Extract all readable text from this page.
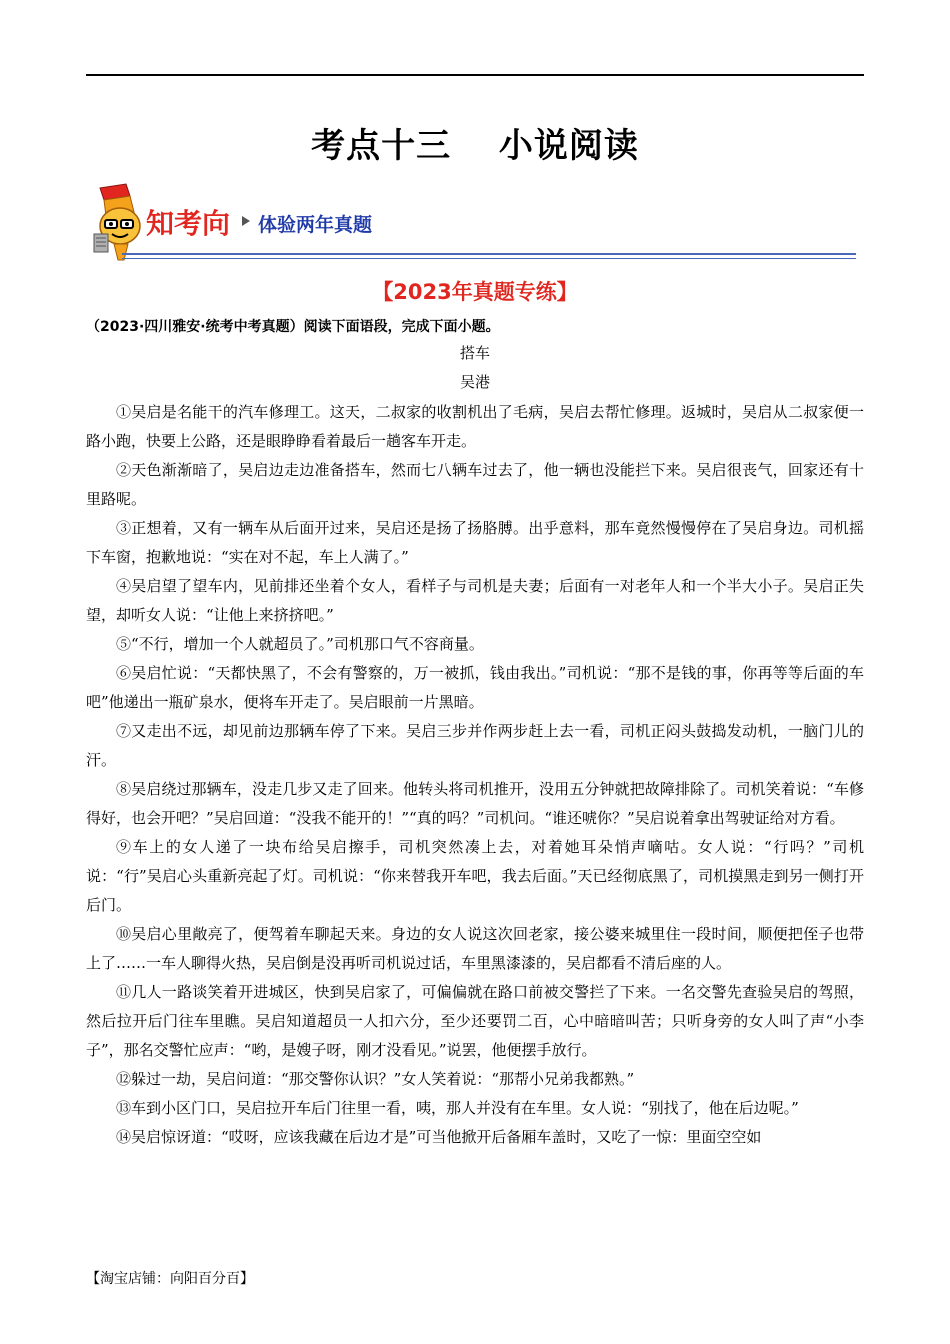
考点十三　 小说阅读
知考向 体验两年真题
【2023年真题专练】
（2023·四川雅安·统考中考真题）阅读下面语段，完成下面小题。
搭车
吴港

①吴启是名能干的汽车修理工。这天，二叔家的收割机出了毛病，吴启去帮忙修理。返城时，吴启从二叔家便一路小跑，快要上公路，还是眼睁睁看着最后一趟客车开走。

②天色渐渐暗了，吴启边走边准备搭车，然而七八辆车过去了，他一辆也没能拦下来。吴启很丧气，回家还有十里路呢。

③正想着，又有一辆车从后面开过来，吴启还是扬了扬胳膊。出乎意料，那车竟然慢慢停在了吴启身边。司机摇下车窗，抱歉地说：“实在对不起，车上人满了。”

④吴启望了望车内，见前排还坐着个女人，看样子与司机是夫妻；后面有一对老年人和一个半大小子。吴启正失望，却听女人说：“让他上来挤挤吧。”

⑤“不行，增加一个人就超员了。”司机那口气不容商量。

⑥吴启忙说：“天都快黑了，不会有警察的，万一被抓，钱由我出。”司机说：“那不是钱的事，你再等等后面的车吧”他递出一瓶矿泉水，便将车开走了。吴启眼前一片黑暗。

⑦又走出不远，却见前边那辆车停了下来。吴启三步并作两步赶上去一看，司机正闷头鼓捣发动机，一脑门儿的汗。

⑧吴启绕过那辆车，没走几步又走了回来。他转头将司机推开，没用五分钟就把故障排除了。司机笑着说：“车修得好，也会开吧？”吴启回道：“没我不能开的！”“真的吗？”司机问。“谁还唬你？”吴启说着拿出驾驶证给对方看。

⑨车上的女人递了一块布给吴启擦手，司机突然凑上去，对着她耳朵悄声嘀咕。女人说：“行吗？”司机说：“行”吴启心头重新亮起了灯。司机说：“你来替我开车吧，我去后面。”天已经彻底黑了，司机摸黑走到另一侧打开后门。

⑩吴启心里敞亮了，便驾着车聊起天来。身边的女人说这次回老家，接公婆来城里住一段时间，顺便把侄子也带上了……一车人聊得火热，吴启倒是没再听司机说过话，车里黑漆漆的，吴启都看不清后座的人。

⑪几人一路谈笑着开进城区，快到吴启家了，可偏偏就在路口前被交警拦了下来。一名交警先查验吴启的驾照，然后拉开后门往车里瞧。吴启知道超员一人扣六分，至少还要罚二百，心中暗暗叫苦；只听身旁的女人叫了声“小李子”，那名交警忙应声：“哟，是嫂子呀，刚才没看见。”说罢，他便摆手放行。

⑫躲过一劫，吴启问道：“那交警你认识？”女人笑着说：“那帮小兄弟我都熟。”

⑬车到小区门口，吴启拉开车后门往里一看，咦，那人并没有在车里。女人说：“别找了，他在后边呢。”

⑭吴启惊讶道：“哎呀，应该我藏在后边才是”可当他掀开后备厢车盖时，又吃了一惊：里面空空如

【淘宝店铺：向阳百分百】
